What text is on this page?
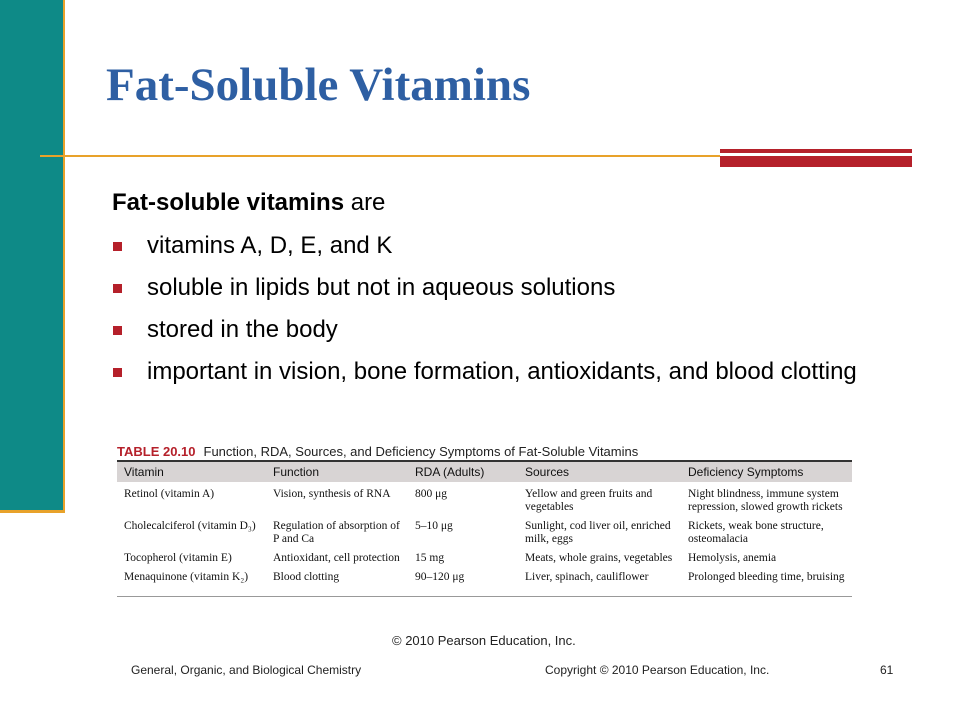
Fat-Soluble Vitamins
Fat-soluble vitamins are
vitamins A, D, E, and K
soluble in lipids but not in aqueous solutions
stored in the body
important in vision, bone formation, antioxidants, and blood clotting
TABLE 20.10 Function, RDA, Sources, and Deficiency Symptoms of Fat-Soluble Vitamins
Vitamin	Function	RDA (Adults)	Sources	Deficiency Symptoms
Retinol (vitamin A)	Vision, synthesis of RNA	800 μg	Yellow and green fruits and vegetables	Night blindness, immune system repression, slowed growth rickets
Cholecalciferol (vitamin D₃)	Regulation of absorption of P and Ca	5–10 μg	Sunlight, cod liver oil, enriched milk, eggs	Rickets, weak bone structure, osteomalacia
Tocopherol (vitamin E)	Antioxidant, cell protection	15 mg	Meats, whole grains, vegetables	Hemolysis, anemia
Menaquinone (vitamin K₂)	Blood clotting	90–120 μg	Liver, spinach, cauliflower	Prolonged bleeding time, bruising
© 2010 Pearson Education, Inc.
General, Organic, and Biological Chemistry	Copyright © 2010 Pearson Education, Inc.	61
